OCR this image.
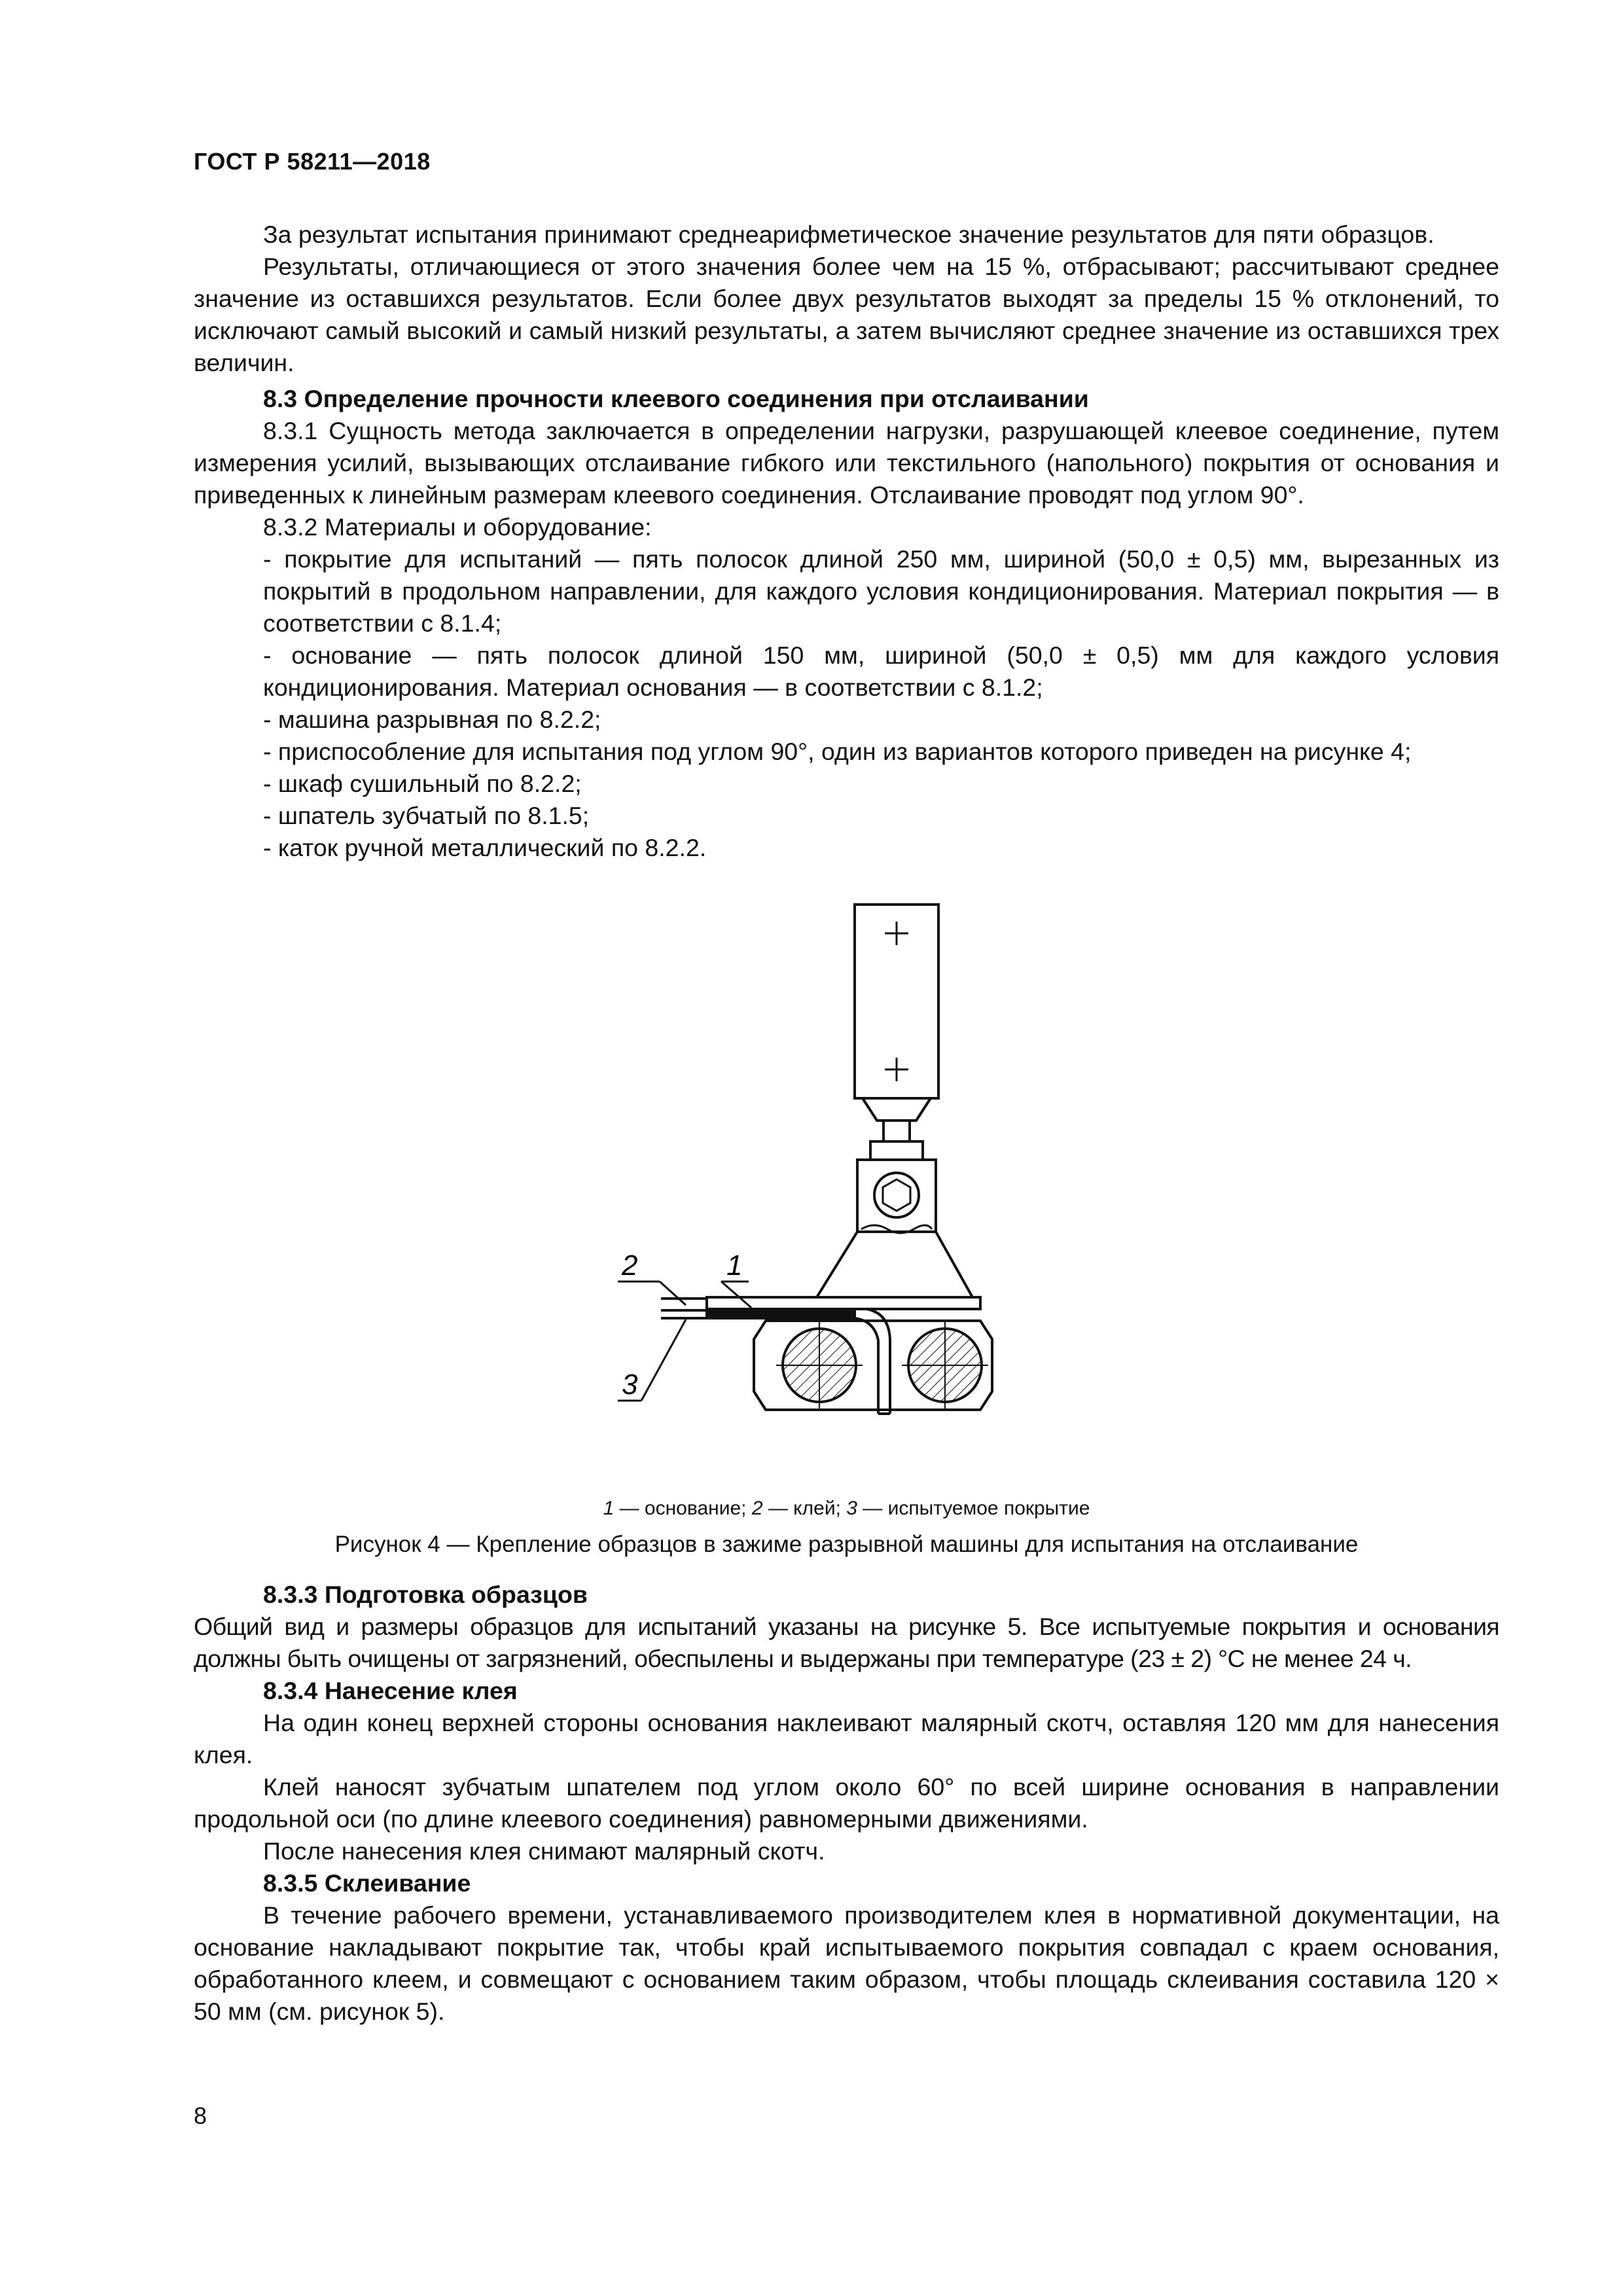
ГОСТ Р 58211—2018

За результат испытания принимают среднеарифметическое значение результатов для пяти образцов.

Результаты, отличающиеся от этого значения более чем на 15 %, отбрасывают; рассчитывают среднее значение из оставшихся результатов. Если более двух результатов выходят за пределы 15 % отклонений, то исключают самый высокий и самый низкий результаты, а затем вычисляют среднее значение из оставшихся трех величин.

8.3 Определение прочности клеевого соединения при отслаивании

8.3.1 Сущность метода заключается в определении нагрузки, разрушающей клеевое соединение, путем измерения усилий, вызывающих отслаивание гибкого или текстильного (напольного) покрытия от основания и приведенных к линейным размерам клеевого соединения. Отслаивание проводят под углом 90°.

8.3.2 Материалы и оборудование:

- покрытие для испытаний — пять полосок длиной 250 мм, шириной (50,0 ± 0,5) мм, вырезанных из покрытий в продольном направлении, для каждого условия кондиционирования. Материал покрытия — в соответствии с 8.1.4;

- основание — пять полосок длиной 150 мм, шириной (50,0 ± 0,5) мм для каждого условия кондиционирования. Материал основания — в соответствии с 8.1.2;

- машина разрывная по 8.2.2;

- приспособление для испытания под углом 90°, один из вариантов которого приведен на рисунке 4;

- шкаф сушильный по 8.2.2;

- шпатель зубчатый по 8.1.5;

- каток ручной металлический по 8.2.2.

2	1
3
1 — основание; 2 — клей; 3 — испытуемое покрытие
Рисунок 4 — Крепление образцов в зажиме разрывной машины для испытания на отслаивание

8.3.3 Подготовка образцов

Общий вид и размеры образцов для испытаний указаны на рисунке 5. Все испытуемые покрытия и основания должны быть очищены от загрязнений, обеспылены и выдержаны при температуре (23 ± 2) °С не менее 24 ч.

8.3.4 Нанесение клея

На один конец верхней стороны основания наклеивают малярный скотч, оставляя 120 мм для нанесения клея.

Клей наносят зубчатым шпателем под углом около 60° по всей ширине основания в направлении продольной оси (по длине клеевого соединения) равномерными движениями.

После нанесения клея снимают малярный скотч.

8.3.5 Склеивание

В течение рабочего времени, устанавливаемого производителем клея в нормативной документации, на основание накладывают покрытие так, чтобы край испытываемого покрытия совпадал с краем основания, обработанного клеем, и совмещают с основанием таким образом, чтобы площадь склеивания составила 120 × 50 мм (см. рисунок 5).

8
